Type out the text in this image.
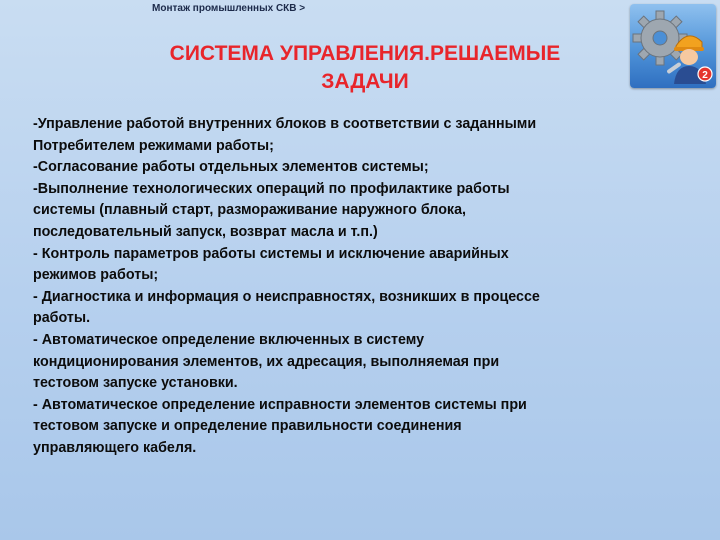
Монтаж промышленных СКВ >
СИСТЕМА УПРАВЛЕНИЯ.РЕШАЕМЫЕ
ЗАДАЧИ	2
-Управление работой внутренних блоков в соответствии с заданными
Потребителем режимами работы;
-Согласование работы отдельных элементов системы;
-Выполнение технологических операций по профилактике работы
системы (плавный старт, размораживание наружного блока,
последовательный запуск, возврат масла и т.п.)
- Контроль параметров работы системы и исключение аварийных
режимов работы;
- Диагностика и информация о неисправностях, возникших в процессе
работы.
- Автоматическое определение включенных в систему
кондиционирования элементов, их адресация, выполняемая при
тестовом запуске установки.
- Автоматическое определение исправности элементов системы при
тестовом запуске и определение правильности соединения
управляющего кабеля.
